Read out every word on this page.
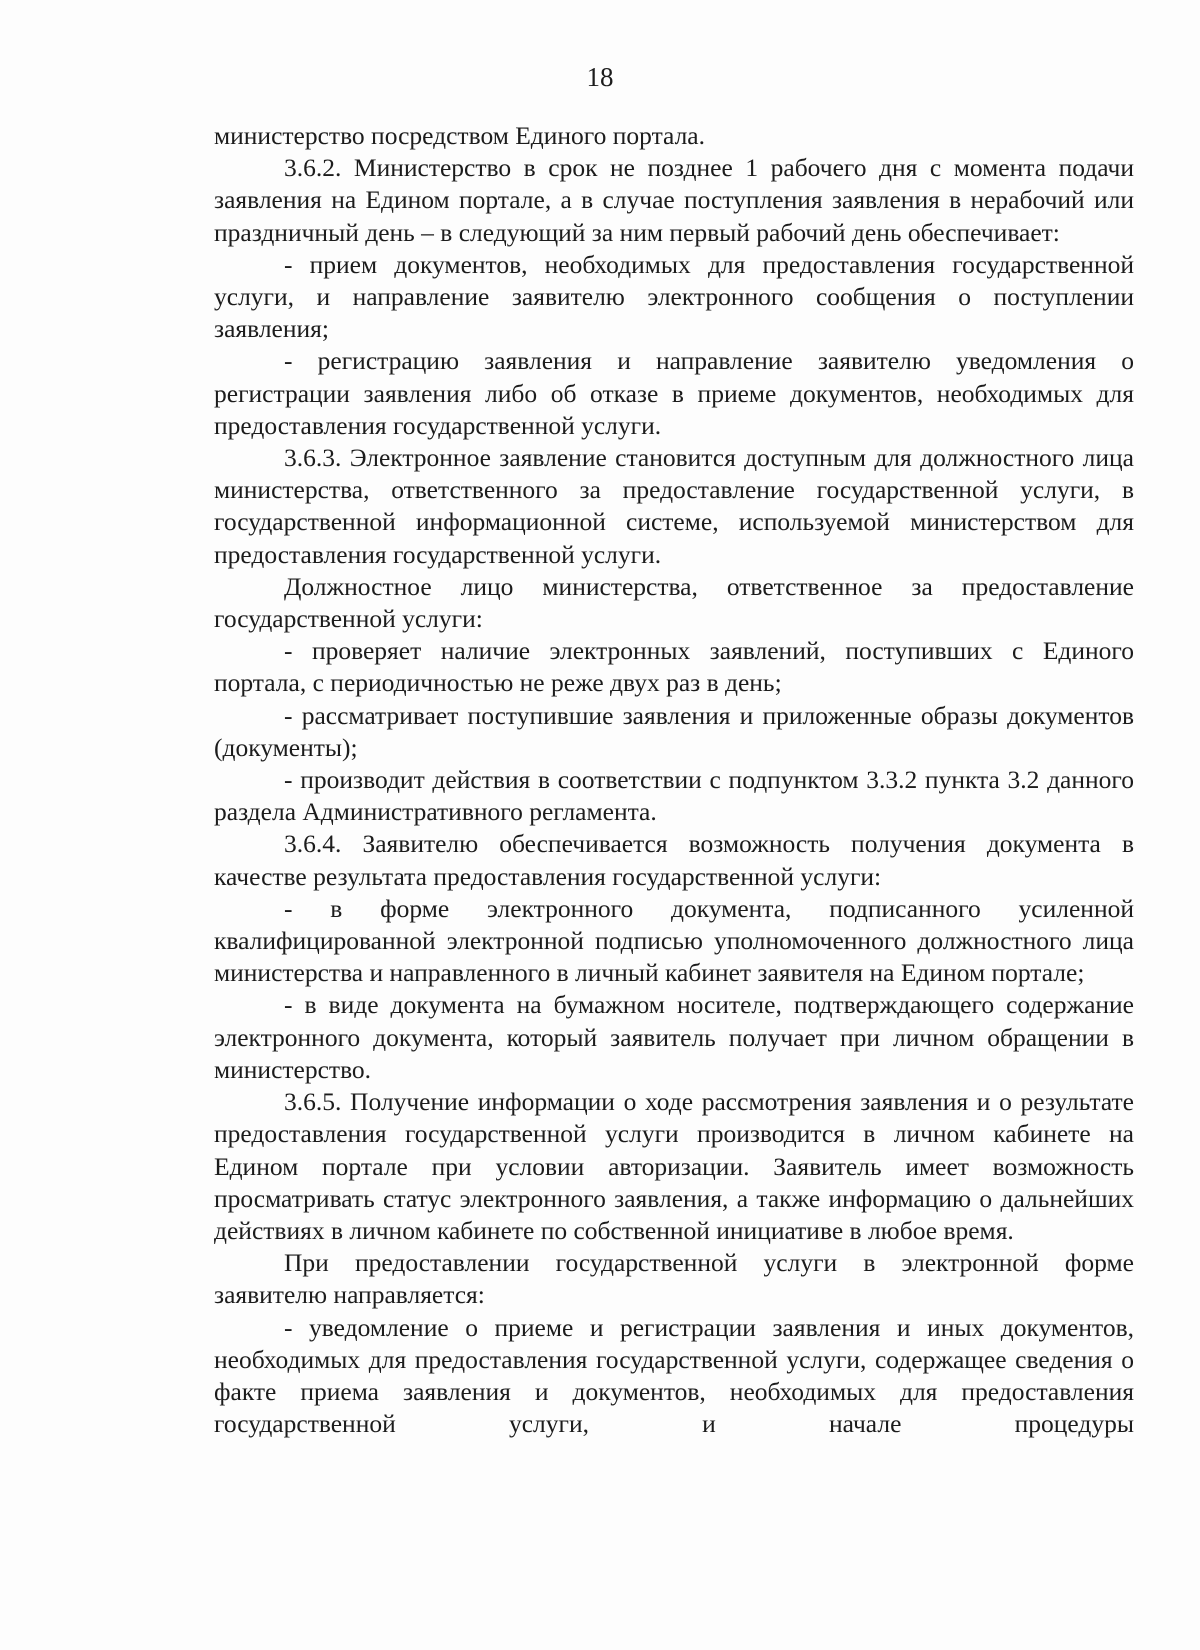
18

министерство посредством Единого портала.

3.6.2. Министерство в срок не позднее 1 рабочего дня с момента подачи заявления на Едином портале, а в случае поступления заявления в нерабочий или праздничный день – в следующий за ним первый рабочий день обеспечивает:

- прием документов, необходимых для предоставления государственной услуги, и направление заявителю электронного сообщения о поступлении заявления;

- регистрацию заявления и направление заявителю уведомления о регистрации заявления либо об отказе в приеме документов, необходимых для предоставления государственной услуги.

3.6.3. Электронное заявление становится доступным для должностного лица министерства, ответственного за предоставление государственной услуги, в государственной информационной системе, используемой министерством для предоставления государственной услуги.

Должностное лицо министерства, ответственное за предоставление государственной услуги:

- проверяет наличие электронных заявлений, поступивших с Единого портала, с периодичностью не реже двух раз в день;

- рассматривает поступившие заявления и приложенные образы документов (документы);

- производит действия в соответствии с подпунктом 3.3.2 пункта 3.2 данного раздела Административного регламента.

3.6.4. Заявителю обеспечивается возможность получения документа в качестве результата предоставления государственной услуги:

- в форме электронного документа, подписанного усиленной квалифицированной электронной подписью уполномоченного должностного лица министерства и направленного в личный кабинет заявителя на Едином портале;

- в виде документа на бумажном носителе, подтверждающего содержание электронного документа, который заявитель получает при личном обращении в министерство.

3.6.5. Получение информации о ходе рассмотрения заявления и о результате предоставления государственной услуги производится в личном кабинете на Едином портале при условии авторизации. Заявитель имеет возможность просматривать статус электронного заявления, а также информацию о дальнейших действиях в личном кабинете по собственной инициативе в любое время.

При предоставлении государственной услуги в электронной форме заявителю направляется:

- уведомление о приеме и регистрации заявления и иных документов, необходимых для предоставления государственной услуги, содержащее сведения о факте приема заявления и документов, необходимых для предоставления государственной услуги, и начале процедуры
